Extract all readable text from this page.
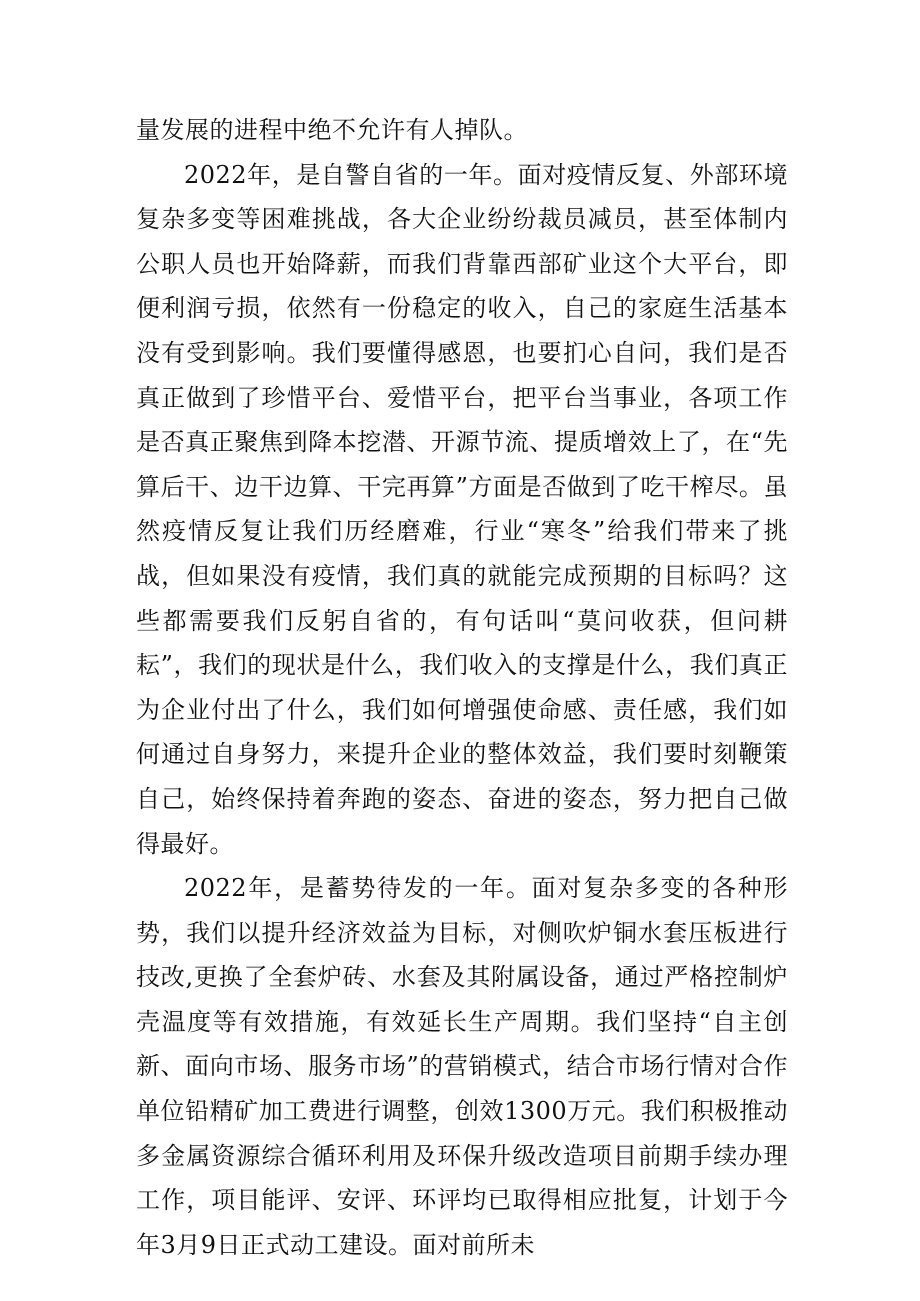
量发展的进程中绝不允许有人掉队。

2022年，是自警自省的一年。面对疫情反复、外部环境复杂多变等困难挑战，各大企业纷纷裁员减员，甚至体制内公职人员也开始降薪，而我们背靠西部矿业这个大平台，即便利润亏损，依然有一份稳定的收入，自己的家庭生活基本没有受到影响。我们要懂得感恩，也要扪心自问，我们是否真正做到了珍惜平台、爱惜平台，把平台当事业，各项工作是否真正聚焦到降本挖潜、开源节流、提质增效上了，在“先算后干、边干边算、干完再算”方面是否做到了吃干榨尽。虽然疫情反复让我们历经磨难，行业“寒冬”给我们带来了挑战，但如果没有疫情，我们真的就能完成预期的目标吗？这些都需要我们反躬自省的，有句话叫“莫问收获，但问耕耘”，我们的现状是什么，我们收入的支撑是什么，我们真正为企业付出了什么，我们如何增强使命感、责任感，我们如何通过自身努力，来提升企业的整体效益，我们要时刻鞭策自己，始终保持着奔跑的姿态、奋进的姿态，努力把自己做得最好。

2022年，是蓄势待发的一年。面对复杂多变的各种形势，我们以提升经济效益为目标，对侧吹炉铜水套压板进行技改,更换了全套炉砖、水套及其附属设备，通过严格控制炉壳温度等有效措施，有效延长生产周期。我们坚持“自主创新、面向市场、服务市场”的营销模式，结合市场行情对合作单位铅精矿加工费进行调整，创效1300万元。我们积极推动多金属资源综合循环利用及环保升级改造项目前期手续办理工作，项目能评、安评、环评均已取得相应批复，计划于今年3月9日正式动工建设。面对前所未
